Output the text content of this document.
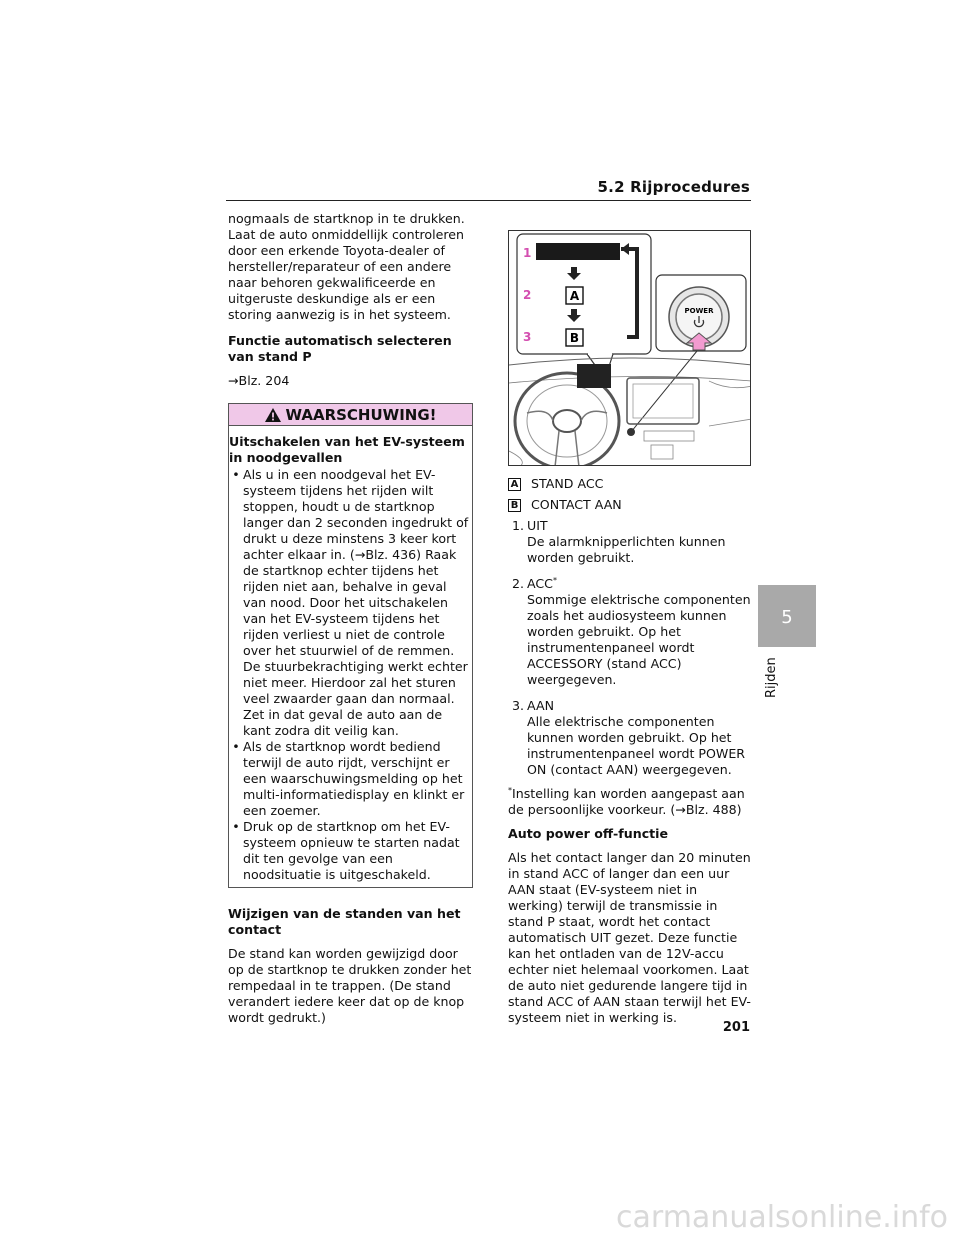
5.2 Rijprocedures

nogmaals de startknop in te drukken. Laat de auto onmiddellijk controleren door een erkende Toyota-dealer of hersteller/reparateur of een andere naar behoren gekwalificeerde en uitgeruste deskundige als er een storing aanwezig is in het systeem.

Functie automatisch selecteren van stand P

→Blz. 204

WAARSCHUWING!

Uitschakelen van het EV-systeem in noodgevallen

• Als u in een noodgeval het EV-systeem tijdens het rijden wilt stoppen, houdt u de startknop langer dan 2 seconden ingedrukt of drukt u deze minstens 3 keer kort achter elkaar in. (→Blz. 436) Raak de startknop echter tijdens het rijden niet aan, behalve in geval van nood. Door het uitschakelen van het EV-systeem tijdens het rijden verliest u niet de controle over het stuurwiel of de remmen. De stuurbekrachtiging werkt echter niet meer. Hierdoor zal het sturen veel zwaarder gaan dan normaal. Zet in dat geval de auto aan de kant zodra dit veilig kan.
• Als de startknop wordt bediend terwijl de auto rijdt, verschijnt er een waarschuwingsmelding op het multi-informatiedisplay en klinkt er een zoemer.
• Druk op de startknop om het EV-systeem opnieuw te starten nadat dit ten gevolge van een noodsituatie is uitgeschakeld.

Wijzigen van de standen van het contact

De stand kan worden gewijzigd door op de startknop te drukken zonder het rempedaal in te trappen. (De stand verandert iedere keer dat op de knop wordt gedrukt.)

1
2
3
A
B
POWER
A STAND ACC
B CONTACT AAN
1. UIT

De alarmknipperlichten kunnen worden gebruikt.

2. ACC*

Sommige elektrische componenten zoals het audiosysteem kunnen worden gebruikt. Op het instrumentenpaneel wordt ACCESSORY (stand ACC) weergegeven.

3. AAN

Alle elektrische componenten kunnen worden gebruikt. Op het instrumentenpaneel wordt POWER ON (contact AAN) weergegeven.

*Instelling kan worden aangepast aan de persoonlijke voorkeur. (→Blz. 488)

Auto power off-functie

Als het contact langer dan 20 minuten in stand ACC of langer dan een uur AAN staat (EV-systeem niet in werking) terwijl de transmissie in stand P staat, wordt het contact automatisch UIT gezet. Deze functie kan het ontladen van de 12V-accu echter niet helemaal voorkomen. Laat de auto niet gedurende langere tijd in stand ACC of AAN staan terwijl het EV-systeem niet in werking is.

5
Rijden
201
carmanualsonline.info
